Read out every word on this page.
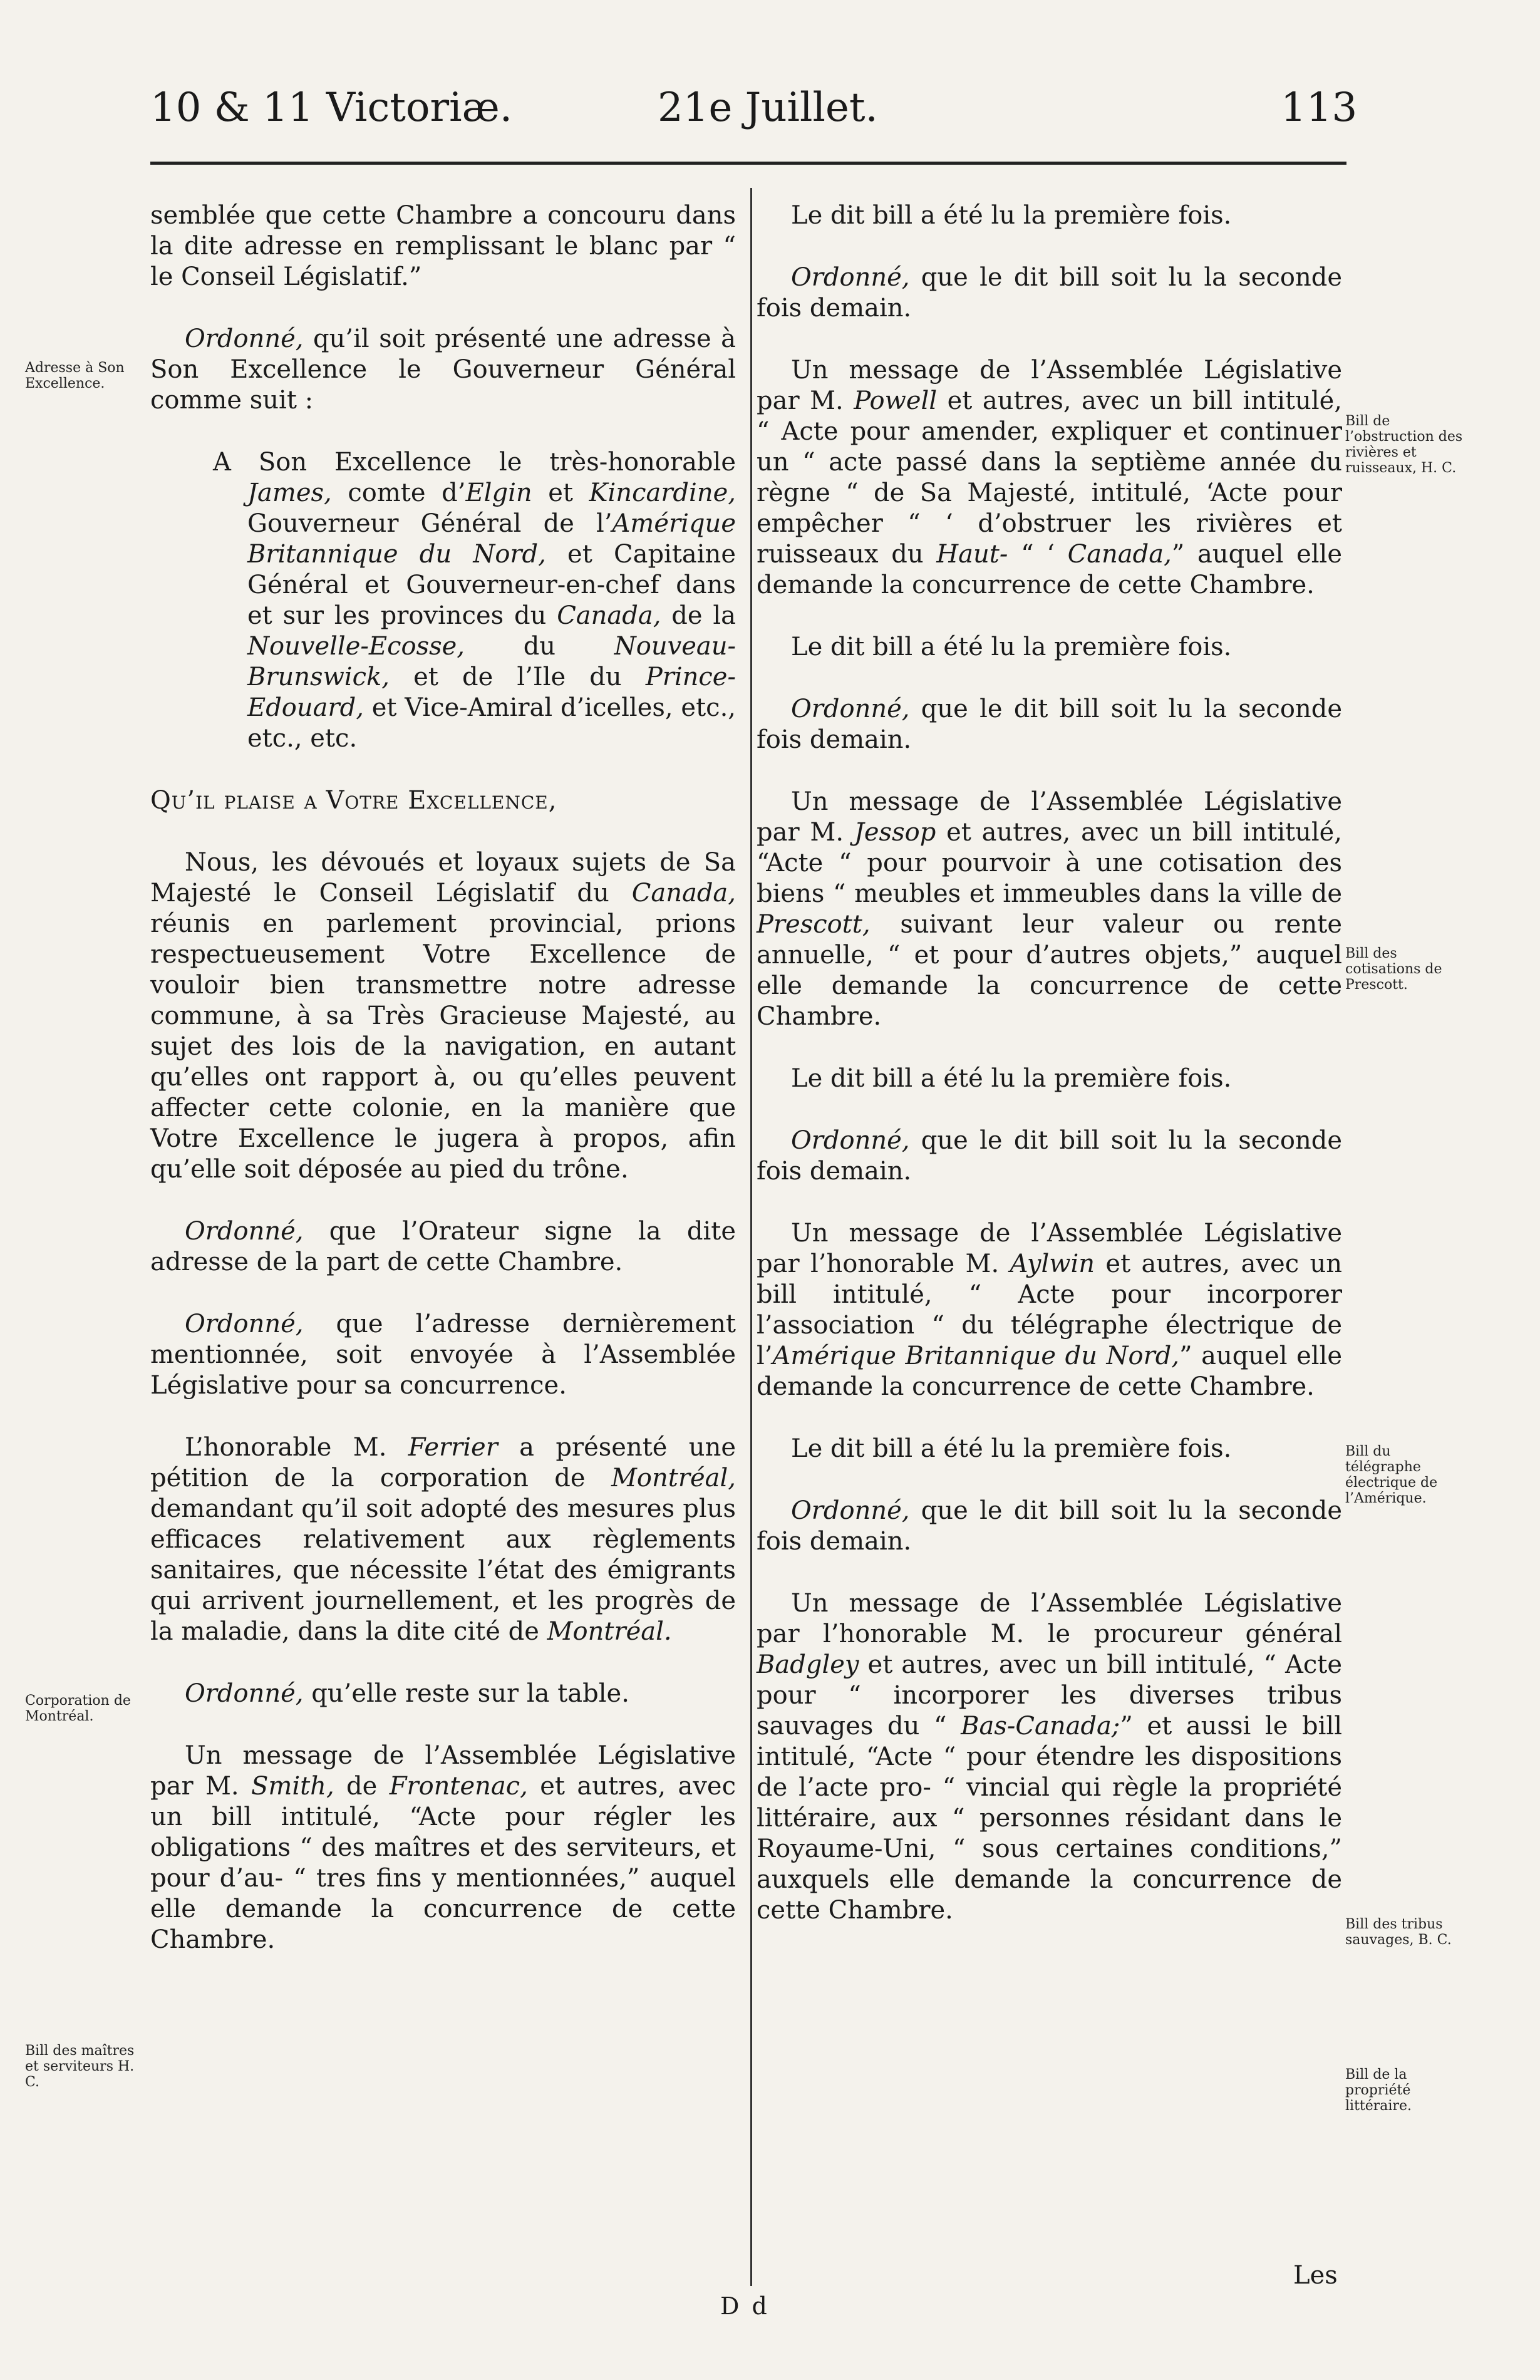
10 & 11 Victoriæ.	21e Juillet.	113

semblée que cette Chambre a concouru dans la dite adresse en remplissant le blanc par “ le Conseil Législatif.”

Ordonné, qu’il soit présenté une adresse à Son Excellence le Gouverneur Général comme suit :

A Son Excellence le très-honorable James, comte d’Elgin et Kincardine, Gouverneur Général de l’Amérique Britannique du Nord, et Capitaine Général et Gouverneur-en-chef dans et sur les provinces du Canada, de la Nouvelle-Ecosse, du Nouveau-Brunswick, et de l’Ile du Prince-Edouard, et Vice-Amiral d’icelles, etc., etc., etc.

Qu’il plaise a Votre Excellence,

Nous, les dévoués et loyaux sujets de Sa Majesté le Conseil Législatif du Canada, réunis en parlement provincial, prions respectueusement Votre Excellence de vouloir bien transmettre notre adresse commune, à sa Très Gracieuse Majesté, au sujet des lois de la navigation, en autant qu’elles ont rapport à, ou qu’elles peuvent affecter cette colonie, en la manière que Votre Excellence le jugera à propos, afin qu’elle soit déposée au pied du trône.

Ordonné, que l’Orateur signe la dite adresse de la part de cette Chambre.

Ordonné, que l’adresse dernièrement mentionnée, soit envoyée à l’Assemblée Législative pour sa concurrence.

L’honorable M. Ferrier a présenté une pétition de la corporation de Montréal, demandant qu’il soit adopté des mesures plus efficaces relativement aux règlements sanitaires, que nécessite l’état des émigrants qui arrivent journellement, et les progrès de la maladie, dans la dite cité de Montréal.

Ordonné, qu’elle reste sur la table.

Un message de l’Assemblée Législative par M. Smith, de Frontenac, et autres, avec un bill intitulé, “Acte pour régler les obligations “ des maîtres et des serviteurs, et pour d’au- “ tres fins y mentionnées,” auquel elle demande la concurrence de cette Chambre.

Le dit bill a été lu la première fois.

Ordonné, que le dit bill soit lu la seconde fois demain.

Un message de l’Assemblée Législative par M. Powell et autres, avec un bill intitulé, “ Acte pour amender, expliquer et continuer un “ acte passé dans la septième année du règne “ de Sa Majesté, intitulé, ‘Acte pour empêcher “ ‘ d’obstruer les rivières et ruisseaux du Haut- “ ‘ Canada,” auquel elle demande la concurrence de cette Chambre.

Le dit bill a été lu la première fois.

Ordonné, que le dit bill soit lu la seconde fois demain.

Un message de l’Assemblée Législative par M. Jessop et autres, avec un bill intitulé, “Acte “ pour pourvoir à une cotisation des biens “ meubles et immeubles dans la ville de Prescott, suivant leur valeur ou rente annuelle, “ et pour d’autres objets,” auquel elle demande la concurrence de cette Chambre.

Le dit bill a été lu la première fois.

Ordonné, que le dit bill soit lu la seconde fois demain.

Un message de l’Assemblée Législative par l’honorable M. Aylwin et autres, avec un bill intitulé, “ Acte pour incorporer l’association “ du télégraphe électrique de l’Amérique Britannique du Nord,” auquel elle demande la concurrence de cette Chambre.

Le dit bill a été lu la première fois.

Ordonné, que le dit bill soit lu la seconde fois demain.

Un message de l’Assemblée Législative par l’honorable M. le procureur général Badgley et autres, avec un bill intitulé, “ Acte pour “ incorporer les diverses tribus sauvages du “ Bas-Canada;” et aussi le bill intitulé, “Acte “ pour étendre les dispositions de l’acte pro- “ vincial qui règle la propriété littéraire, aux “ personnes résidant dans le Royaume-Uni, “ sous certaines conditions,” auxquels elle demande la concurrence de cette Chambre.

Adresse à Son Excellence.
Corporation de Montréal.
Bill des maîtres et serviteurs H. C.
Bill de l’obstruction des rivières et ruisseaux, H. C.
Bill des cotisations de Prescott.
Bill du télégraphe électrique de l’Amérique.
Bill des tribus sauvages, B. C.
Bill de la propriété littéraire.
Les
D d
